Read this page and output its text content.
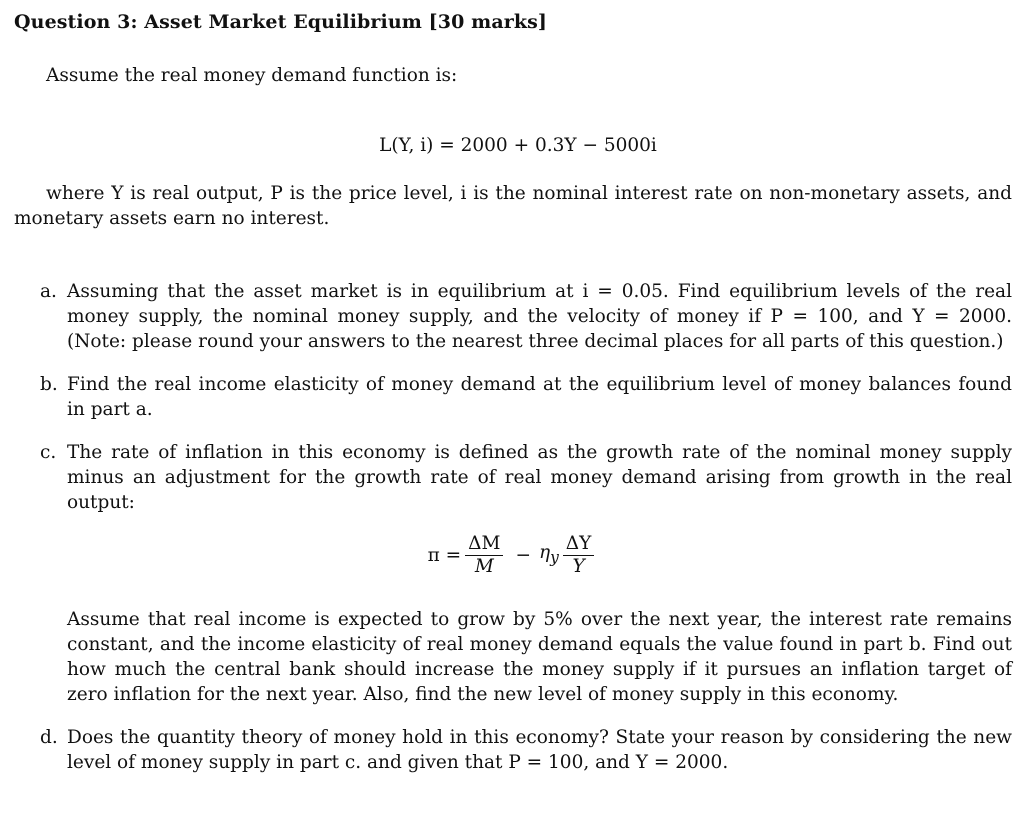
Question 3: Asset Market Equilibrium [30 marks]

Assume the real money demand function is:

L(Y, i) = 2000 + 0.3Y − 5000i

where Y is real output, P is the price level, i is the nominal interest rate on non-monetary assets, and monetary assets earn no interest.

a. Assuming that the asset market is in equilibrium at i = 0.05. Find equilibrium levels of the real money supply, the nominal money supply, and the velocity of money if P = 100, and Y = 2000. (Note: please round your answers to the nearest three decimal places for all parts of this question.)
b. Find the real income elasticity of money demand at the equilibrium level of money balances found in part a.
c. The rate of inflation in this economy is defined as the growth rate of the nominal money supply minus an adjustment for the growth rate of real money demand arising from growth in the real output:
$\pi = \frac{\Delta M}{M} - \eta_y \frac{\Delta Y}{Y}$
Assume that real income is expected to grow by 5% over the next year, the interest rate remains constant, and the income elasticity of real money demand equals the value found in part b. Find out how much the central bank should increase the money supply if it pursues an inflation target of zero inflation for the next year. Also, find the new level of money supply in this economy.
d. Does the quantity theory of money hold in this economy? State your reason by considering the new level of money supply in part c. and given that P = 100, and Y = 2000.
